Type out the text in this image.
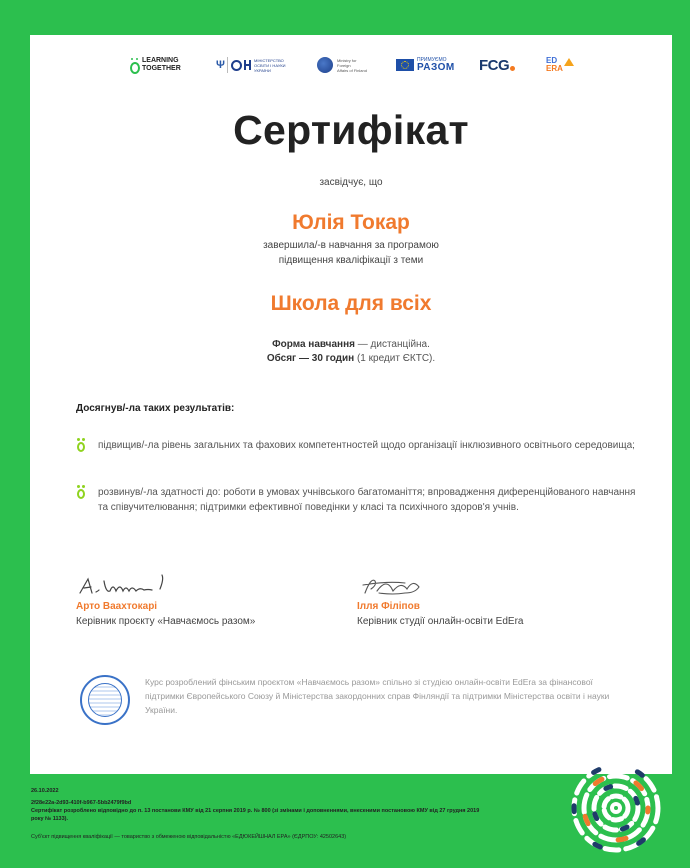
LEARNING
TOGETHER	Ψ	МІНІСТЕРСТВО
ОСВІТИ І НАУКИ
УКРАЇНИ
Ministry for Foreign
Affairs of Finland
ПРИМУЄМО
РАЗОМ FCG	ED
ERA
Сертифікат
засвідчує, що
Юлія Токар
завершила/-в навчання за програмою
підвищення кваліфікації з теми
Школа для всіх
Форма навчання — дистанційна.
Обсяг — 30 годин (1 кредит ЄКТС).
Досягнув/-ла таких результатів:
підвищив/-ла рівень загальних та фахових компетентностей щодо організації інклюзивного освітнього середовища;
розвинув/-ла здатності до: роботи в умовах учнівського багатоманіття; впровадження диференційованого навчання та співучителювання; підтримки ефективної поведінки у класі та психічного здоров'я учнів.
Арто Ваахтокарі
Керівник проєкту «Навчаємось разом»
Ілля Філіпов
Керівник студії онлайн-освіти EdEra
Курс розроблений фінським проєктом «Навчаємось разом» спільно зі студією онлайн-освіти EdEra за фінансової підтримки Європейського Союзу й Міністерства закордонних справ Фінляндії та підтримки Міністерства освіти і науки України.
26.10.2022
2f28e22a-2d93-410f-b967-5bb2479f9bd
Сертифікат розроблено відповідно до п. 13 постанови КМУ від 21 серпня 2019 р. № 800 (зі змінами і доповненнями, внесеними постановою КМУ від 27 грудня 2019 року № 1133).
Суб'єкт підвищення кваліфікації — товариство з обмеженою відповідальністю «ЕДЮКЕЙШНАЛ ЕРА» (ЄДРПОУ: 42502643)
